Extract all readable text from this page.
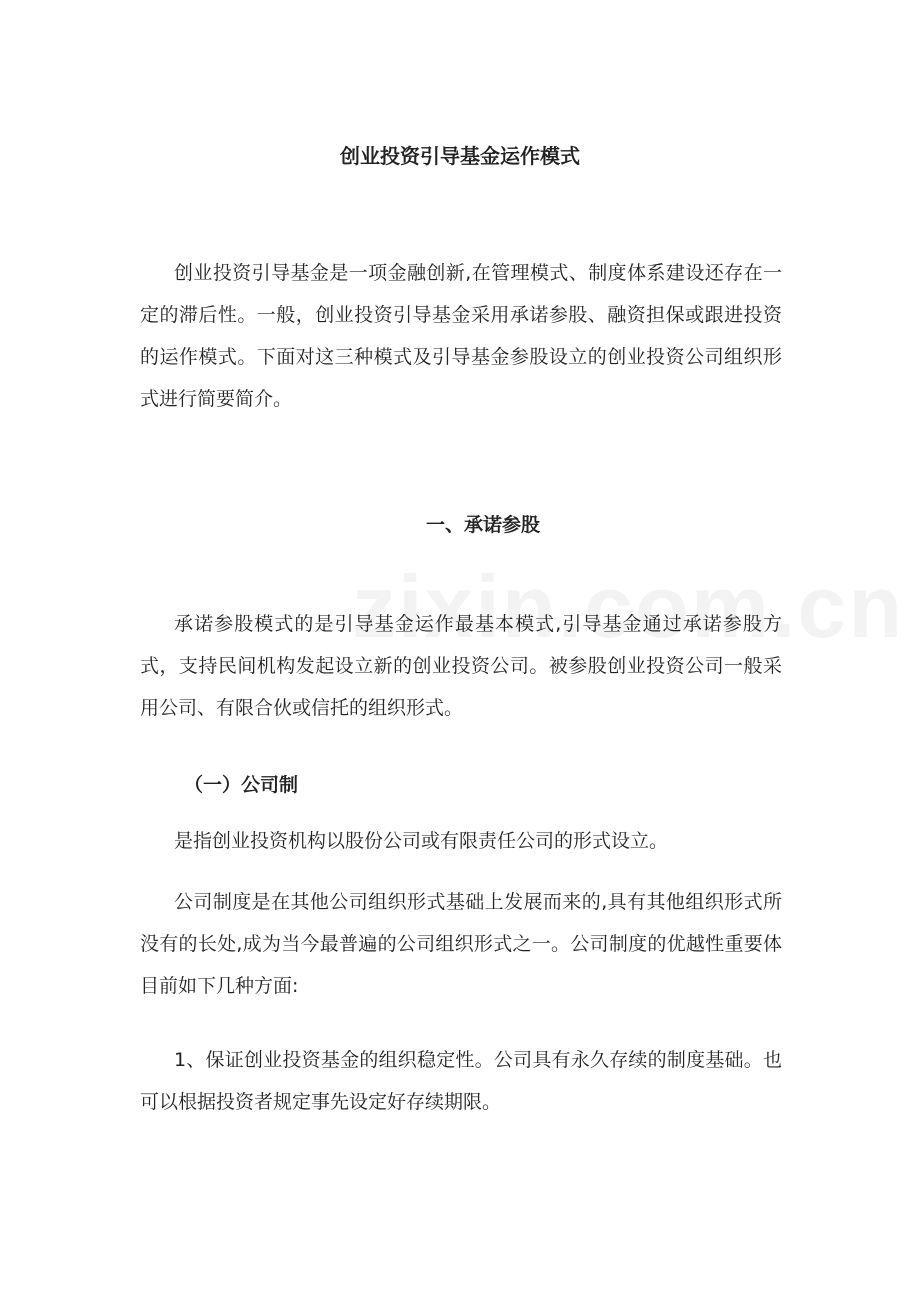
创业投资引导基金运作模式

创业投资引导基金是一项金融创新,在管理模式、制度体系建设还存在一定的滞后性。一般，创业投资引导基金采用承诺参股、融资担保或跟进投资的运作模式。下面对这三种模式及引导基金参股设立的创业投资公司组织形式进行简要简介。

一、承诺参股

承诺参股模式的是引导基金运作最基本模式,引导基金通过承诺参股方式，支持民间机构发起设立新的创业投资公司。被参股创业投资公司一般采用公司、有限合伙或信托的组织形式。

（一）公司制

是指创业投资机构以股份公司或有限责任公司的形式设立。

公司制度是在其他公司组织形式基础上发展而来的,具有其他组织形式所没有的长处,成为当今最普遍的公司组织形式之一。公司制度的优越性重要体目前如下几种方面:

1、保证创业投资基金的组织稳定性。公司具有永久存续的制度基础。也可以根据投资者规定事先设定好存续期限。
